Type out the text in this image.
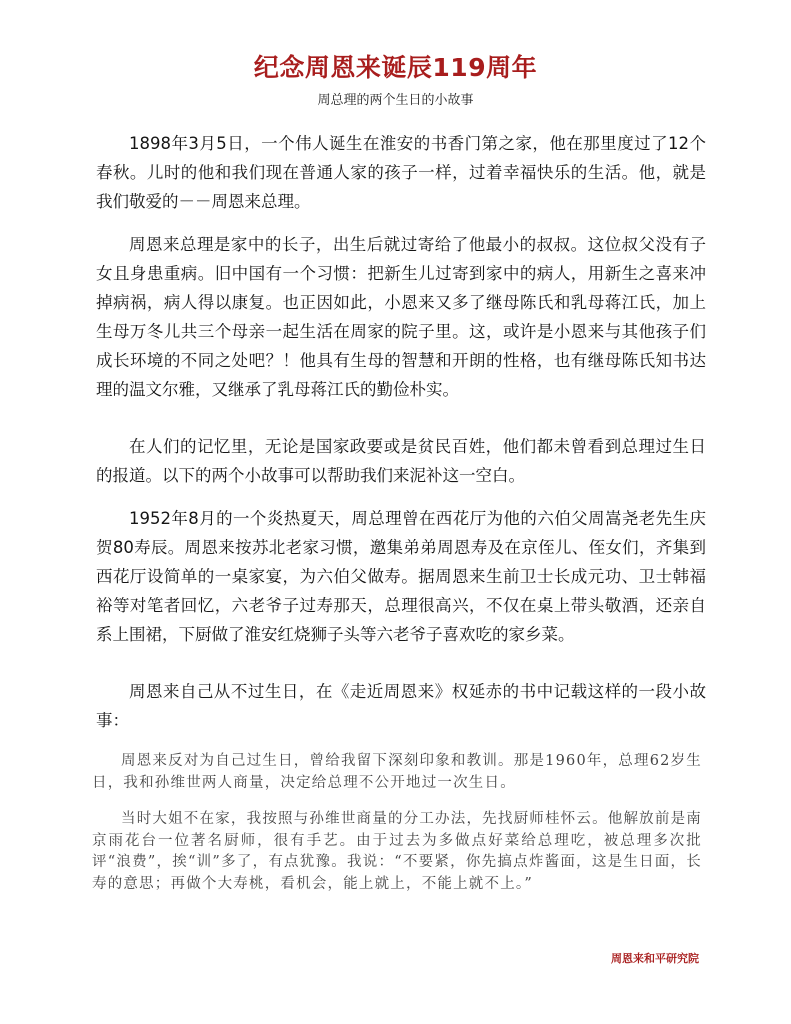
纪念周恩来诞辰119周年
周总理的两个生日的小故事

1898年3月5日，一个伟人诞生在淮安的书香门第之家，他在那里度过了12个春秋。儿时的他和我们现在普通人家的孩子一样，过着幸福快乐的生活。他，就是我们敬爱的－－周恩来总理。

周恩来总理是家中的长子，出生后就过寄给了他最小的叔叔。这位叔父没有子女且身患重病。旧中国有一个习惯：把新生儿过寄到家中的病人，用新生之喜来冲掉病祸，病人得以康复。也正因如此，小恩来又多了继母陈氏和乳母蒋江氏，加上生母万冬儿共三个母亲一起生活在周家的院子里。这，或许是小恩来与其他孩子们成长环境的不同之处吧？！他具有生母的智慧和开朗的性格，也有继母陈氏知书达理的温文尔雅，又继承了乳母蒋江氏的勤俭朴实。

在人们的记忆里，无论是国家政要或是贫民百姓，他们都未曾看到总理过生日的报道。以下的两个小故事可以帮助我们来泥补这一空白。

1952年8月的一个炎热夏天，周总理曾在西花厅为他的六伯父周嵩尧老先生庆贺80寿辰。周恩来按苏北老家习惯，邀集弟弟周恩寿及在京侄儿、侄女们，齐集到西花厅设简单的一桌家宴，为六伯父做寿。据周恩来生前卫士长成元功、卫士韩福裕等对笔者回忆，六老爷子过寿那天，总理很高兴，不仅在桌上带头敬酒，还亲自系上围裙，下厨做了淮安红烧狮子头等六老爷子喜欢吃的家乡菜。

周恩来自己从不过生日，在《走近周恩来》权延赤的书中记载这样的一段小故事：

周恩来反对为自己过生日，曾给我留下深刻印象和教训。那是1960年，总理62岁生日，我和孙维世两人商量，决定给总理不公开地过一次生日。

当时大姐不在家，我按照与孙维世商量的分工办法，先找厨师桂怀云。他解放前是南京雨花台一位著名厨师，很有手艺。由于过去为多做点好菜给总理吃，被总理多次批评“浪费”，挨“训”多了，有点犹豫。我说：“不要紧，你先搞点炸酱面，这是生日面，长寿的意思；再做个大寿桃，看机会，能上就上，不能上就不上。”

周恩来和平研究院
